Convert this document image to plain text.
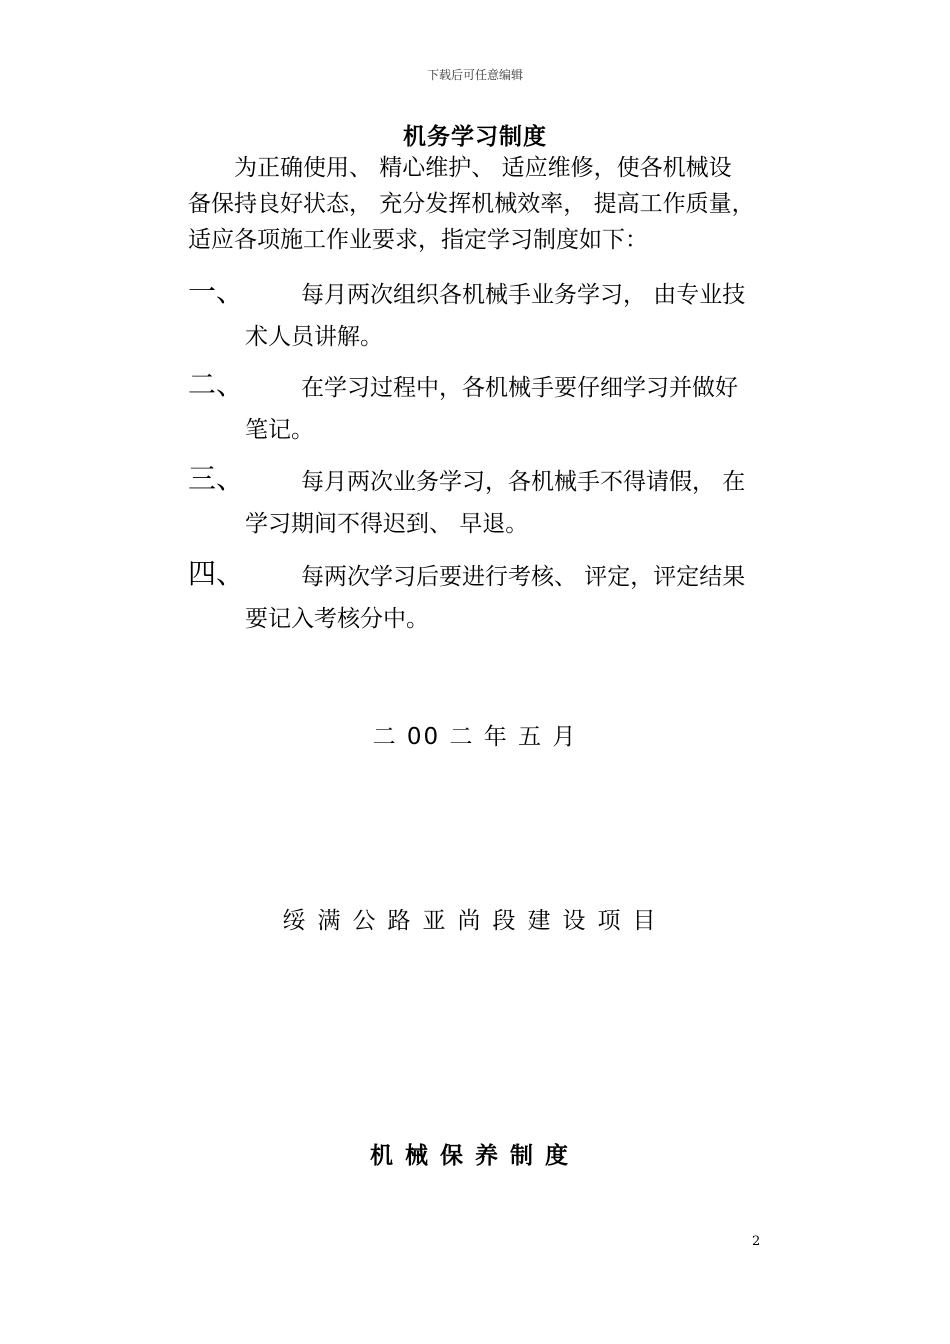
下载后可任意编辑
机务学习制度
为正确使用、 精心维护、 适应维修，使各机械设
备保持良好状态， 充分发挥机械效率， 提高工作质量，
适应各项施工作业要求，指定学习制度如下：
一、 每月两次组织各机械手业务学习， 由专业技
术人员讲解。
二、 在学习过程中，各机械手要仔细学习并做好
笔记。
三、 每月两次业务学习，各机械手不得请假， 在
学习期间不得迟到、 早退。
四、 每两次学习后要进行考核、 评定，评定结果
要记入考核分中。
二 00 二 年 五 月
绥满公路亚尚段建设项目
机械保养制度
2
